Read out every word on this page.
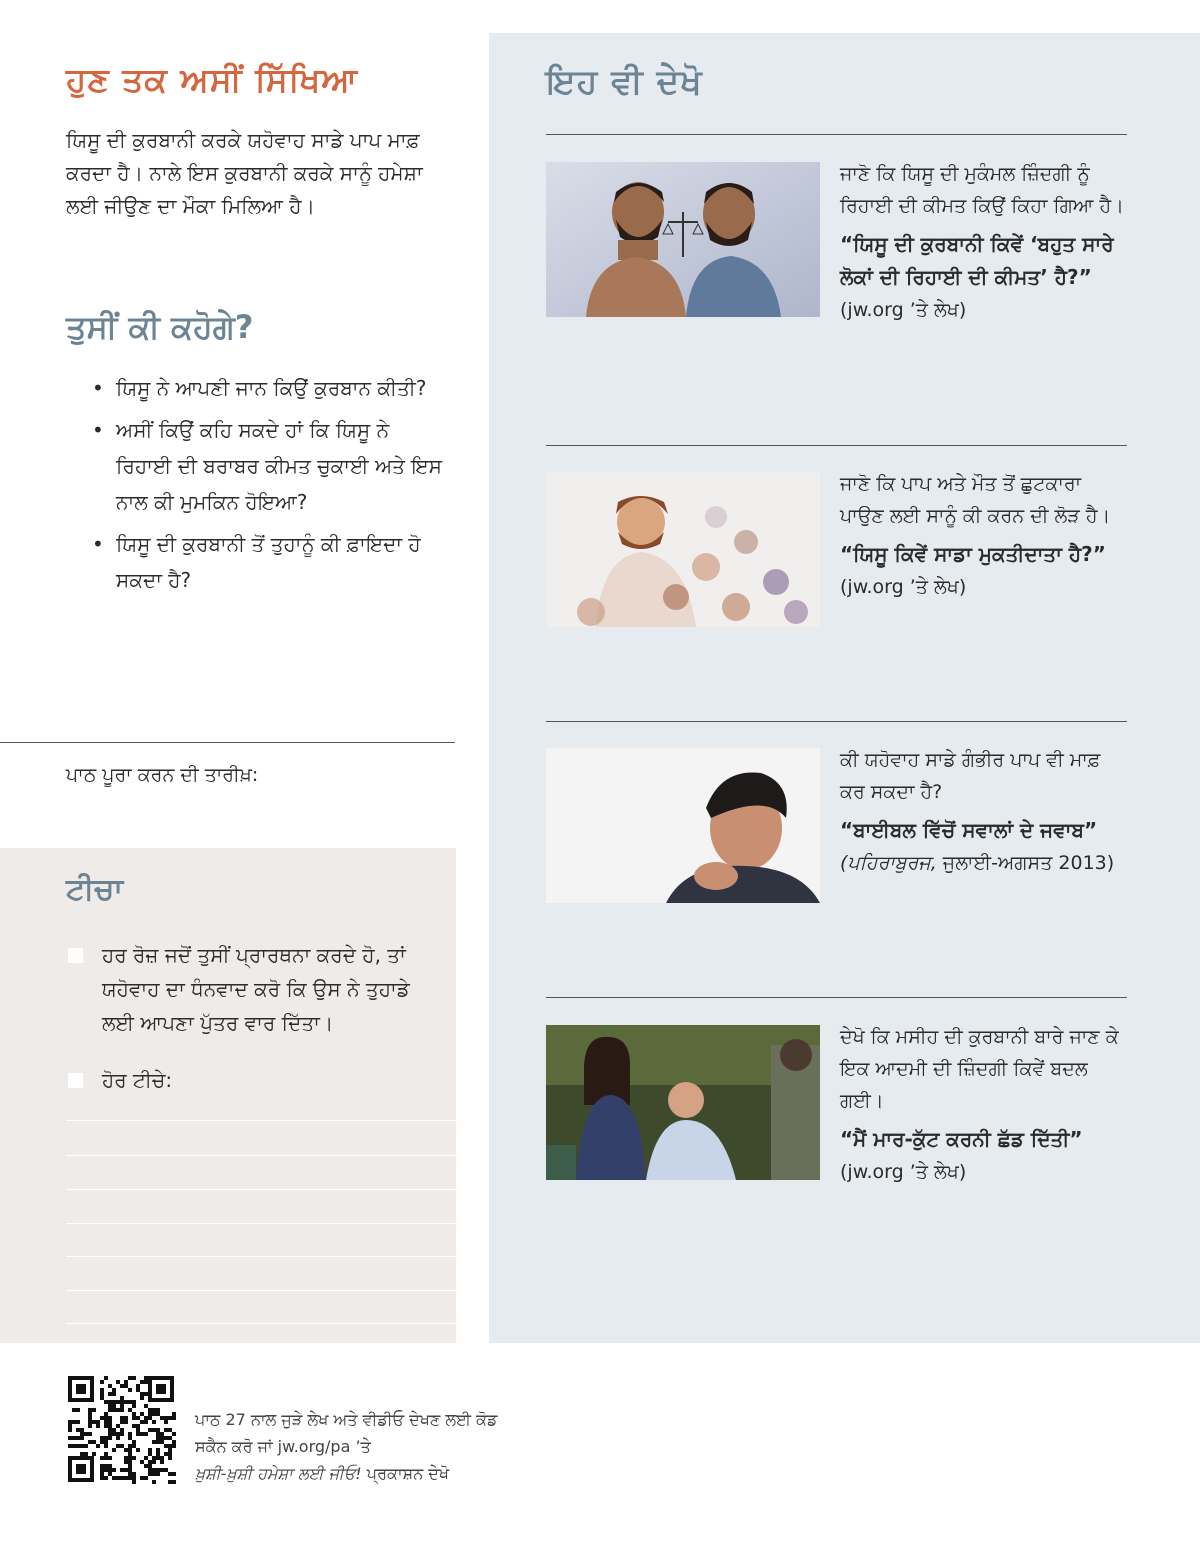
ਹੁਣ ਤਕ ਅਸੀਂ ਸਿੱਖਿਆ

ਯਿਸੂ ਦੀ ਕੁਰਬਾਨੀ ਕਰਕੇ ਯਹੋਵਾਹ ਸਾਡੇ ਪਾਪ ਮਾਫ਼ ਕਰਦਾ ਹੈ। ਨਾਲੇ ਇਸ ਕੁਰਬਾਨੀ ਕਰਕੇ ਸਾਨੂੰ ਹਮੇਸ਼ਾ ਲਈ ਜੀਉਣ ਦਾ ਮੌਕਾ ਮਿਲਿਆ ਹੈ।

ਤੁਸੀਂ ਕੀ ਕਹੋਗੇ?
• ਯਿਸੂ ਨੇ ਆਪਣੀ ਜਾਨ ਕਿਉਂ ਕੁਰਬਾਨ ਕੀਤੀ?
• ਅਸੀਂ ਕਿਉਂ ਕਹਿ ਸਕਦੇ ਹਾਂ ਕਿ ਯਿਸੂ ਨੇ ਰਿਹਾਈ ਦੀ ਬਰਾਬਰ ਕੀਮਤ ਚੁਕਾਈ ਅਤੇ ਇਸ ਨਾਲ ਕੀ ਮੁਮਕਿਨ ਹੋਇਆ?
• ਯਿਸੂ ਦੀ ਕੁਰਬਾਨੀ ਤੋਂ ਤੁਹਾਨੂੰ ਕੀ ਫ਼ਾਇਦਾ ਹੋ ਸਕਦਾ ਹੈ?
ਪਾਠ ਪੂਰਾ ਕਰਨ ਦੀ ਤਾਰੀਖ਼:
ਟੀਚਾ
ਹਰ ਰੋਜ਼ ਜਦੋਂ ਤੁਸੀਂ ਪ੍ਰਾਰਥਨਾ ਕਰਦੇ ਹੋ, ਤਾਂ ਯਹੋਵਾਹ ਦਾ ਧੰਨਵਾਦ ਕਰੋ ਕਿ ਉਸ ਨੇ ਤੁਹਾਡੇ ਲਈ ਆਪਣਾ ਪੁੱਤਰ ਵਾਰ ਦਿੱਤਾ।
ਹੋਰ ਟੀਚੇ:
ਇਹ ਵੀ ਦੇਖੋ
ਜਾਣੋ ਕਿ ਯਿਸੂ ਦੀ ਮੁਕੰਮਲ ਜ਼ਿੰਦਗੀ ਨੂੰ ਰਿਹਾਈ ਦੀ ਕੀਮਤ ਕਿਉਂ ਕਿਹਾ ਗਿਆ ਹੈ।
“ਯਿਸੂ ਦੀ ਕੁਰਬਾਨੀ ਕਿਵੇਂ ‘ਬਹੁਤ ਸਾਰੇ ਲੋਕਾਂ ਦੀ ਰਿਹਾਈ ਦੀ ਕੀਮਤ’ ਹੈ?” (jw.org ’ਤੇ ਲੇਖ)
ਜਾਣੋ ਕਿ ਪਾਪ ਅਤੇ ਮੌਤ ਤੋਂ ਛੁਟਕਾਰਾ ਪਾਉਣ ਲਈ ਸਾਨੂੰ ਕੀ ਕਰਨ ਦੀ ਲੋੜ ਹੈ।
“ਯਿਸੂ ਕਿਵੇਂ ਸਾਡਾ ਮੁਕਤੀਦਾਤਾ ਹੈ?” (jw.org ’ਤੇ ਲੇਖ)
ਕੀ ਯਹੋਵਾਹ ਸਾਡੇ ਗੰਭੀਰ ਪਾਪ ਵੀ ਮਾਫ਼ ਕਰ ਸਕਦਾ ਹੈ?
“ਬਾਈਬਲ ਵਿੱਚੋਂ ਸਵਾਲਾਂ ਦੇ ਜਵਾਬ” (ਪਹਿਰਾਬੁਰਜ, ਜੁਲਾਈ-ਅਗਸਤ 2013)
ਦੇਖੋ ਕਿ ਮਸੀਹ ਦੀ ਕੁਰਬਾਨੀ ਬਾਰੇ ਜਾਣ ਕੇ ਇਕ ਆਦਮੀ ਦੀ ਜ਼ਿੰਦਗੀ ਕਿਵੇਂ ਬਦਲ ਗਈ।
“ਮੈਂ ਮਾਰ-ਕੁੱਟ ਕਰਨੀ ਛੱਡ ਦਿੱਤੀ” (jw.org ’ਤੇ ਲੇਖ)
ਪਾਠ 27 ਨਾਲ ਜੁੜੇ ਲੇਖ ਅਤੇ ਵੀਡੀਓ ਦੇਖਣ ਲਈ ਕੋਡ ਸਕੈਨ ਕਰੋ ਜਾਂ jw.org/pa ’ਤੇ
ਖ਼ੁਸ਼ੀ-ਖ਼ੁਸ਼ੀ ਹਮੇਸ਼ਾ ਲਈ ਜੀਓ! ਪ੍ਰਕਾਸ਼ਨ ਦੇਖੋ
